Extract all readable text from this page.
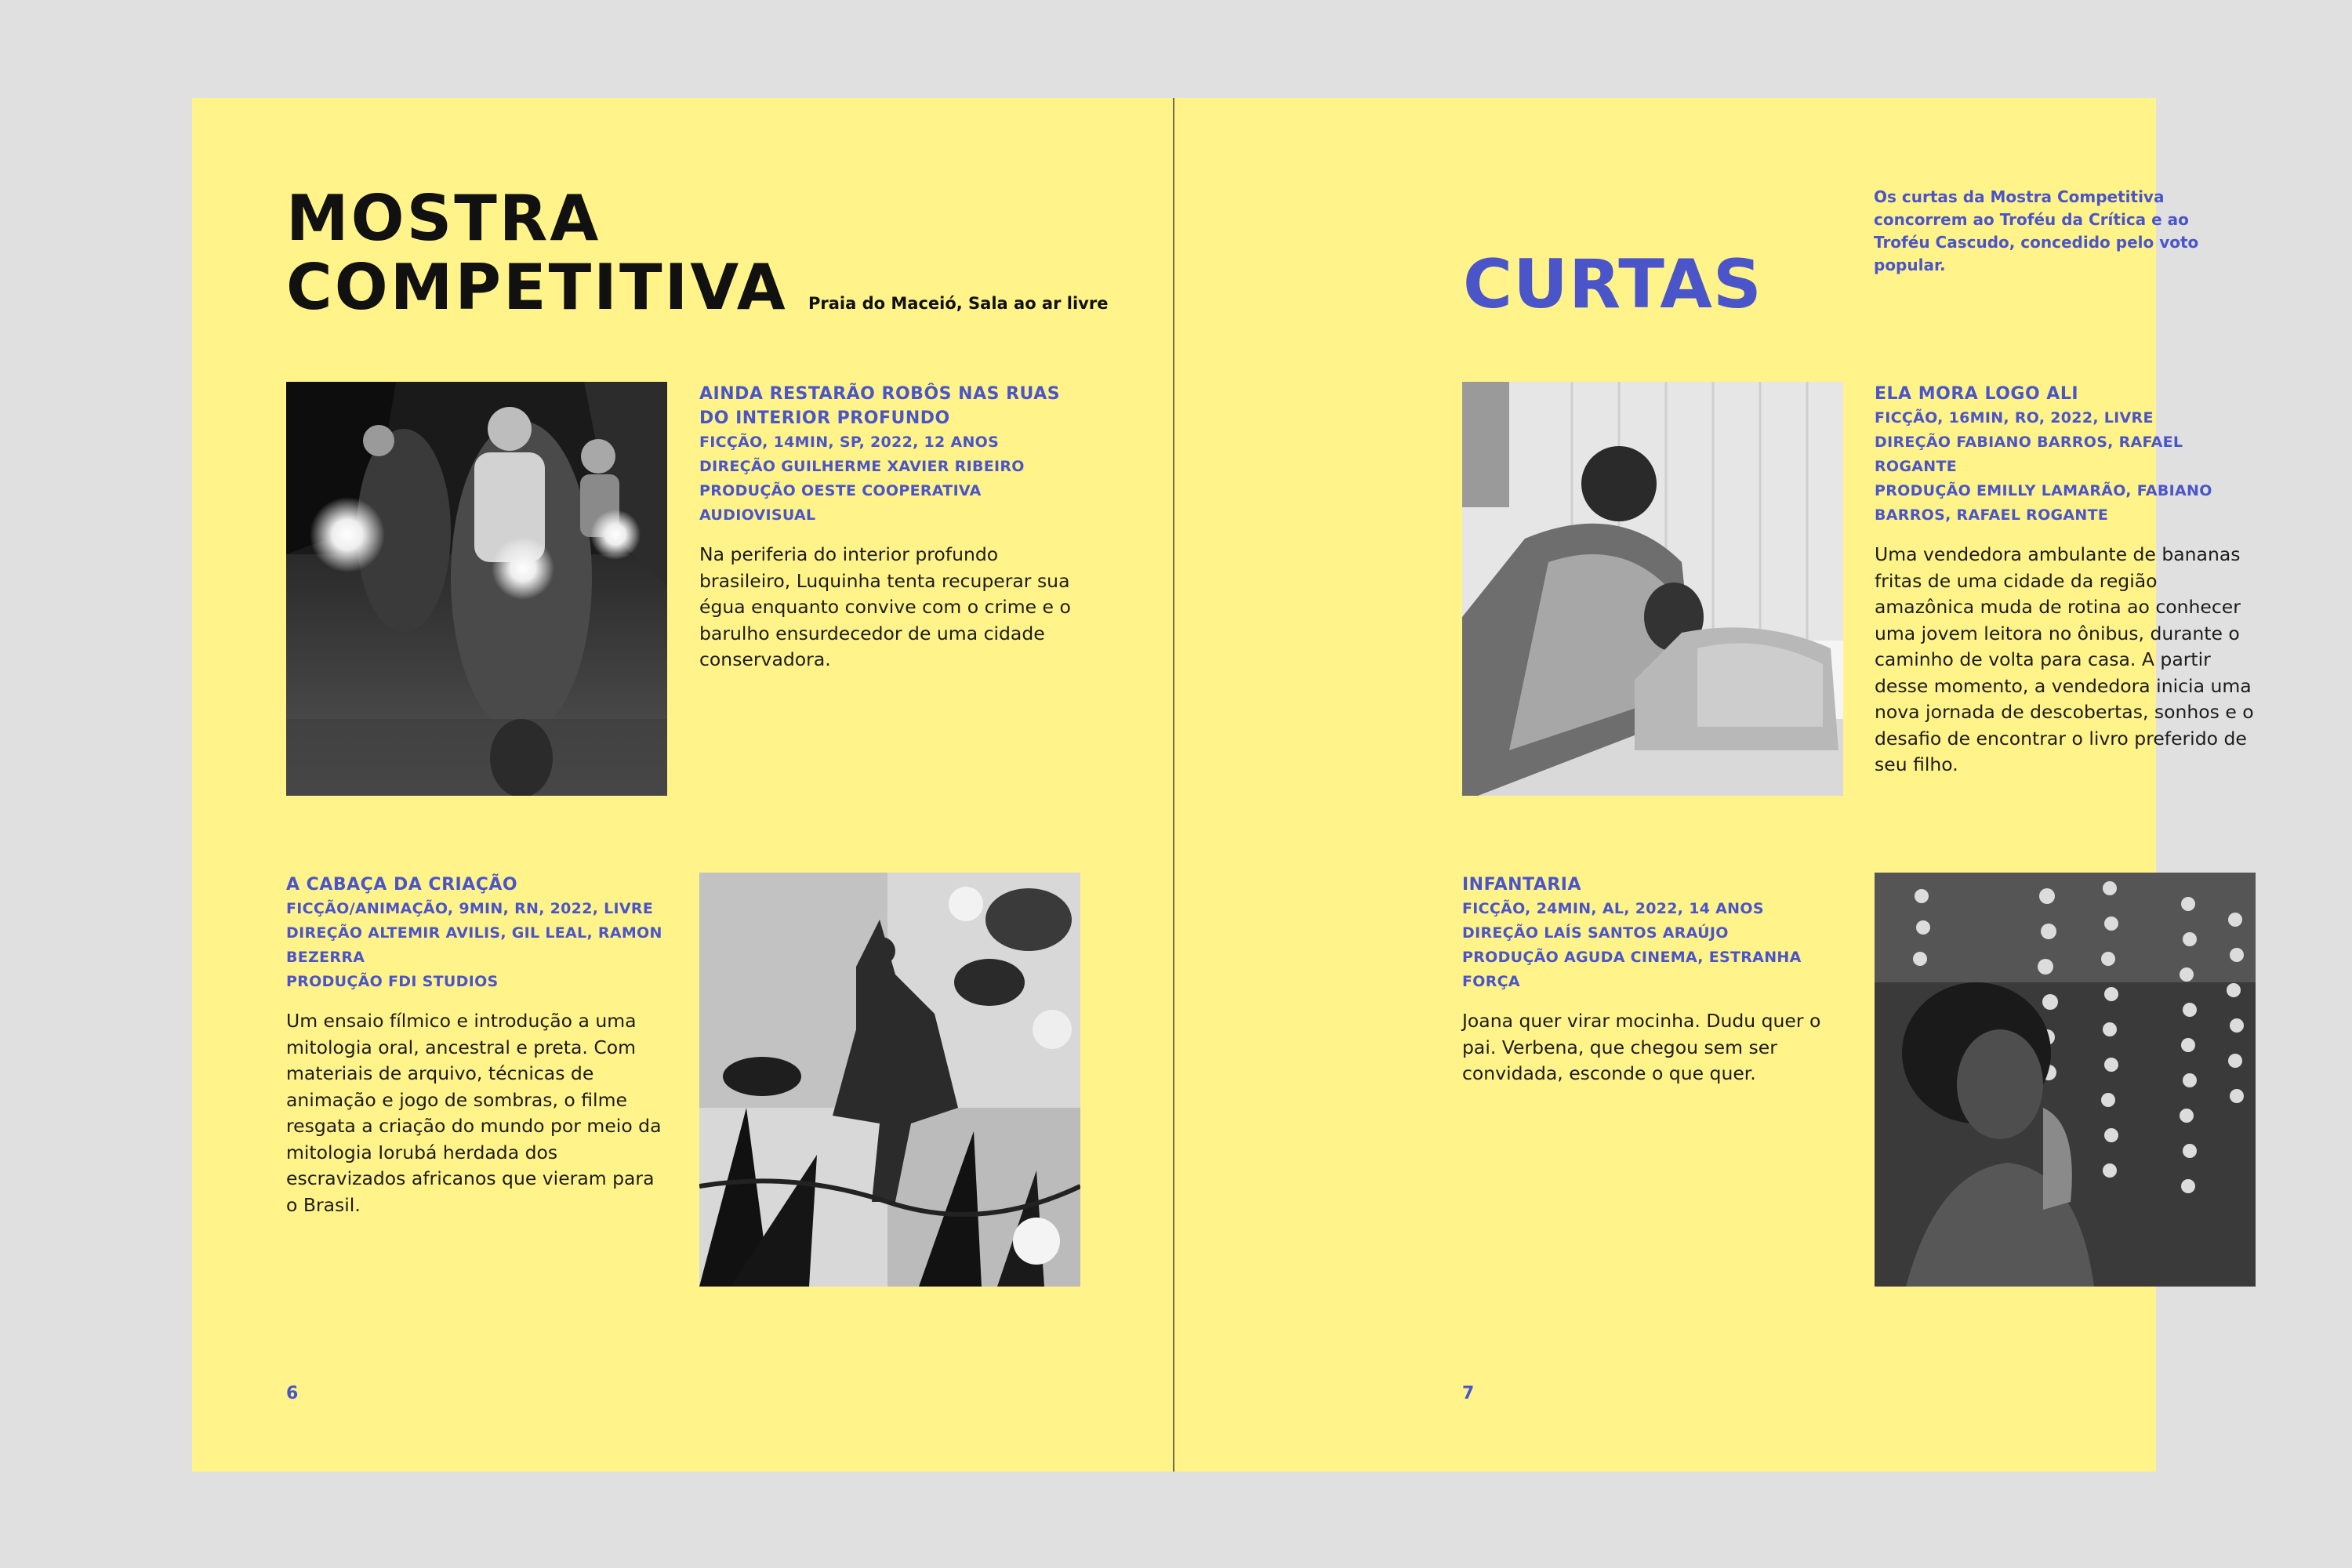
MOSTRA
COMPETITIVA Praia do Maceió, Sala ao ar livre
AINDA RESTARÃO ROBÔS NAS RUAS DO INTERIOR PROFUNDO
FICÇÃO, 14MIN, SP, 2022, 12 ANOS
DIREÇÃO GUILHERME XAVIER RIBEIRO
PRODUÇÃO OESTE COOPERATIVA AUDIOVISUAL
Na periferia do interior profundo brasileiro, Luquinha tenta recuperar sua égua enquanto convive com o crime e o barulho ensurdecedor de uma cidade conservadora.
A CABAÇA DA CRIAÇÃO
FICÇÃO/ANIMAÇÃO, 9MIN, RN, 2022, LIVRE
DIREÇÃO ALTEMIR AVILIS, GIL LEAL, RAMON BEZERRA
PRODUÇÃO FDI STUDIOS
Um ensaio fílmico e introdução a uma mitologia oral, ancestral e preta. Com materiais de arquivo, técnicas de animação e jogo de sombras, o filme resgata a criação do mundo por meio da mitologia Iorubá herdada dos escravizados africanos que vieram para o Brasil.
6
CURTAS
Os curtas da Mostra Competitiva concorrem ao Troféu da Crítica e ao Troféu Cascudo, concedido pelo voto popular.
ELA MORA LOGO ALI
FICÇÃO, 16MIN, RO, 2022, LIVRE
DIREÇÃO FABIANO BARROS, RAFAEL ROGANTE
PRODUÇÃO EMILLY LAMARÃO, FABIANO BARROS, RAFAEL ROGANTE
Uma vendedora ambulante de bananas fritas de uma cidade da região amazônica muda de rotina ao conhecer uma jovem leitora no ônibus, durante o caminho de volta para casa. A partir desse momento, a vendedora inicia uma nova jornada de descobertas, sonhos e o desafio de encontrar o livro preferido de seu filho.
INFANTARIA
FICÇÃO, 24MIN, AL, 2022, 14 ANOS
DIREÇÃO LAÍS SANTOS ARAÚJO
PRODUÇÃO AGUDA CINEMA, ESTRANHA FORÇA
Joana quer virar mocinha. Dudu quer o pai. Verbena, que chegou sem ser convidada, esconde o que quer.
7
